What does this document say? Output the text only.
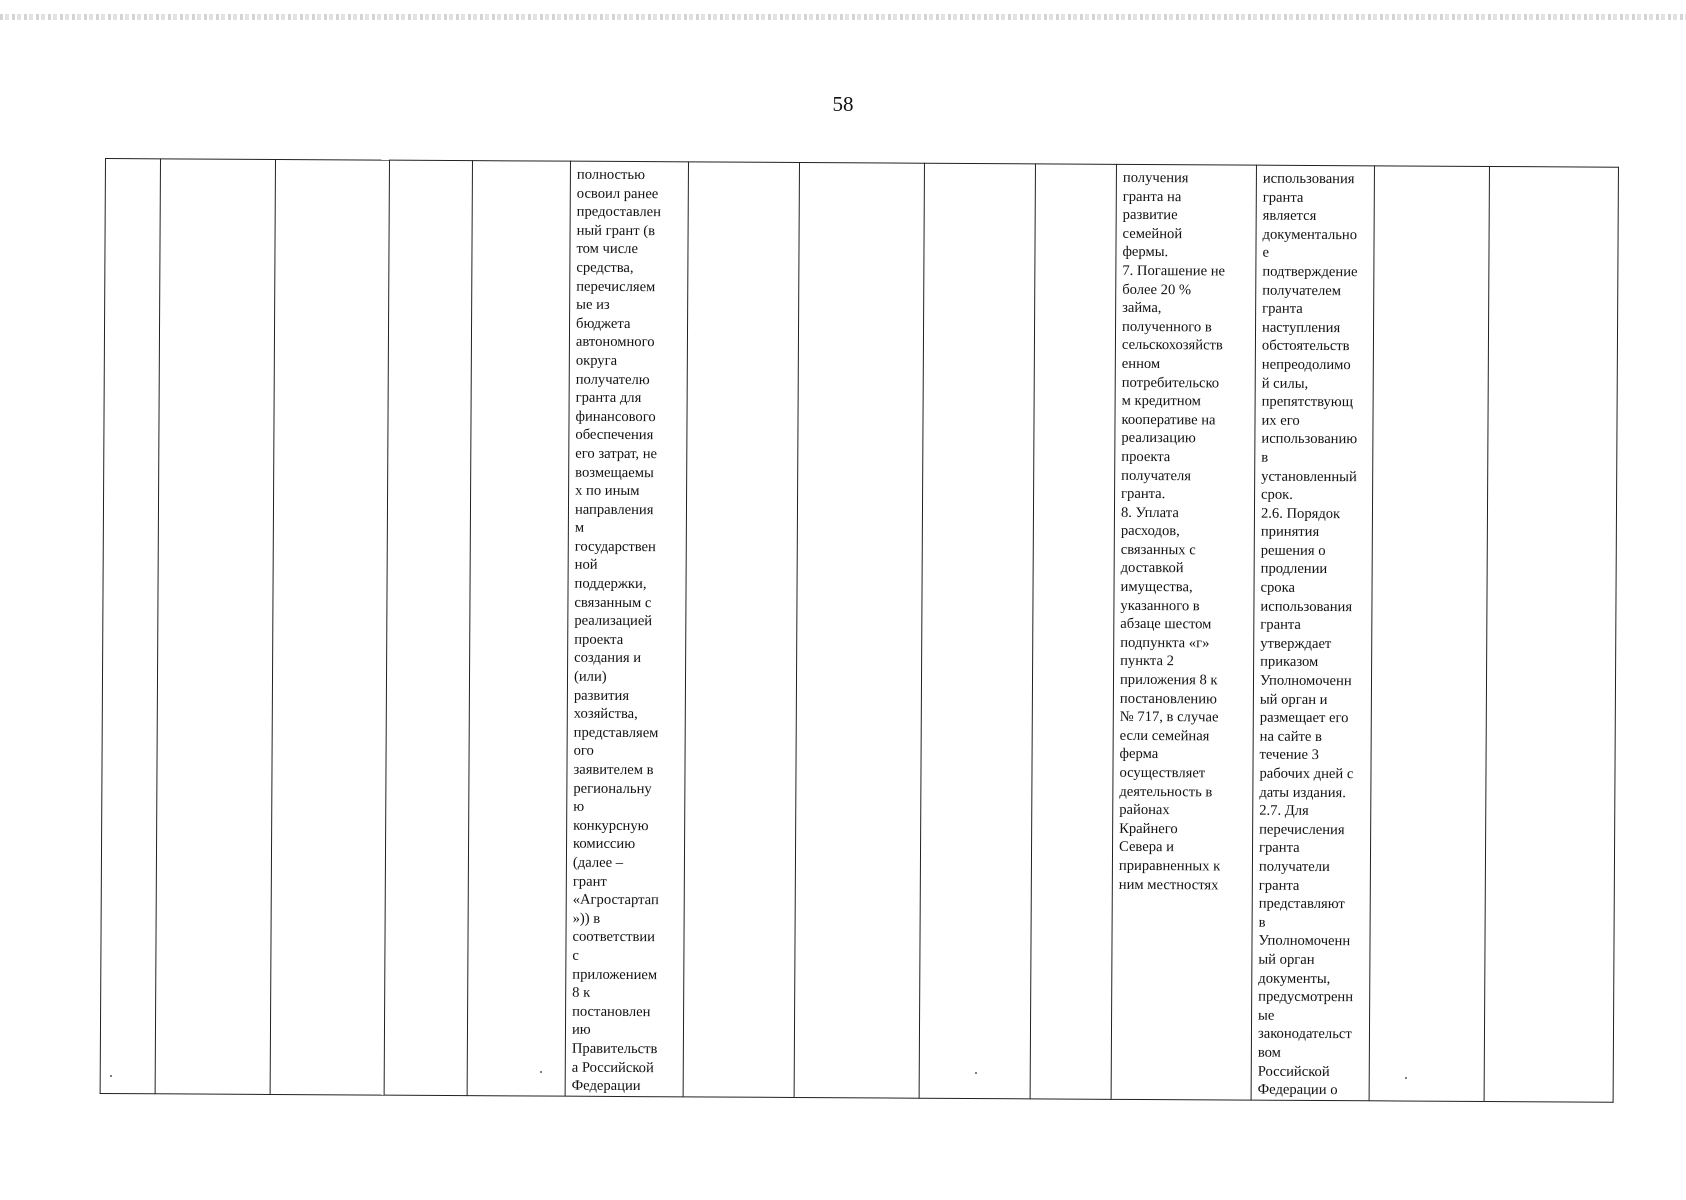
58

полностью
освоил ранее
предоставлен
ный грант (в
том числе
средства,
перечисляем
ые из
бюджета
автономного
округа
получателю
гранта для
финансового
обеспечения
его затрат, не
возмещаемы
х по иным
направления
м
государствен
ной
поддержки,
связанным с
реализацией
проекта
создания и
(или)
развития
хозяйства,
представляем
ого
заявителем в
региональну
ю
конкурсную
комиссию
(далее –
грант
«Агростартап
»)) в
соответствии
с
приложением
8 к
постановлен
ию
Правительств
а Российской
Федерации

получения
гранта на
развитие
семейной
фермы.
7. Погашение не
более 20 %
займа,
полученного в
сельскохозяйств
енном
потребительско
м кредитном
кооперативе на
реализацию
проекта
получателя
гранта.
8. Уплата
расходов,
связанных с
доставкой
имущества,
указанного в
абзаце шестом
подпункта «г»
пункта 2
приложения 8 к
постановлению
№ 717, в случае
если семейная
ферма
осуществляет
деятельность в
районах
Крайнего
Севера и
приравненных к
ним местностях

использования
гранта
является
документально
е
подтверждение
получателем
гранта
наступления
обстоятельств
непреодолимо
й силы,
препятствующ
их его
использованию
в
установленный
срок.
2.6. Порядок
принятия
решения о
продлении
срока
использования
гранта
утверждает
приказом
Уполномоченн
ый орган и
размещает его
на сайте в
течение 3
рабочих дней с
даты издания.
2.7. Для
перечисления
гранта
получатели
гранта
представляют
в
Уполномоченн
ый орган
документы,
предусмотренн
ые
законодательст
вом
Российской
Федерации о
